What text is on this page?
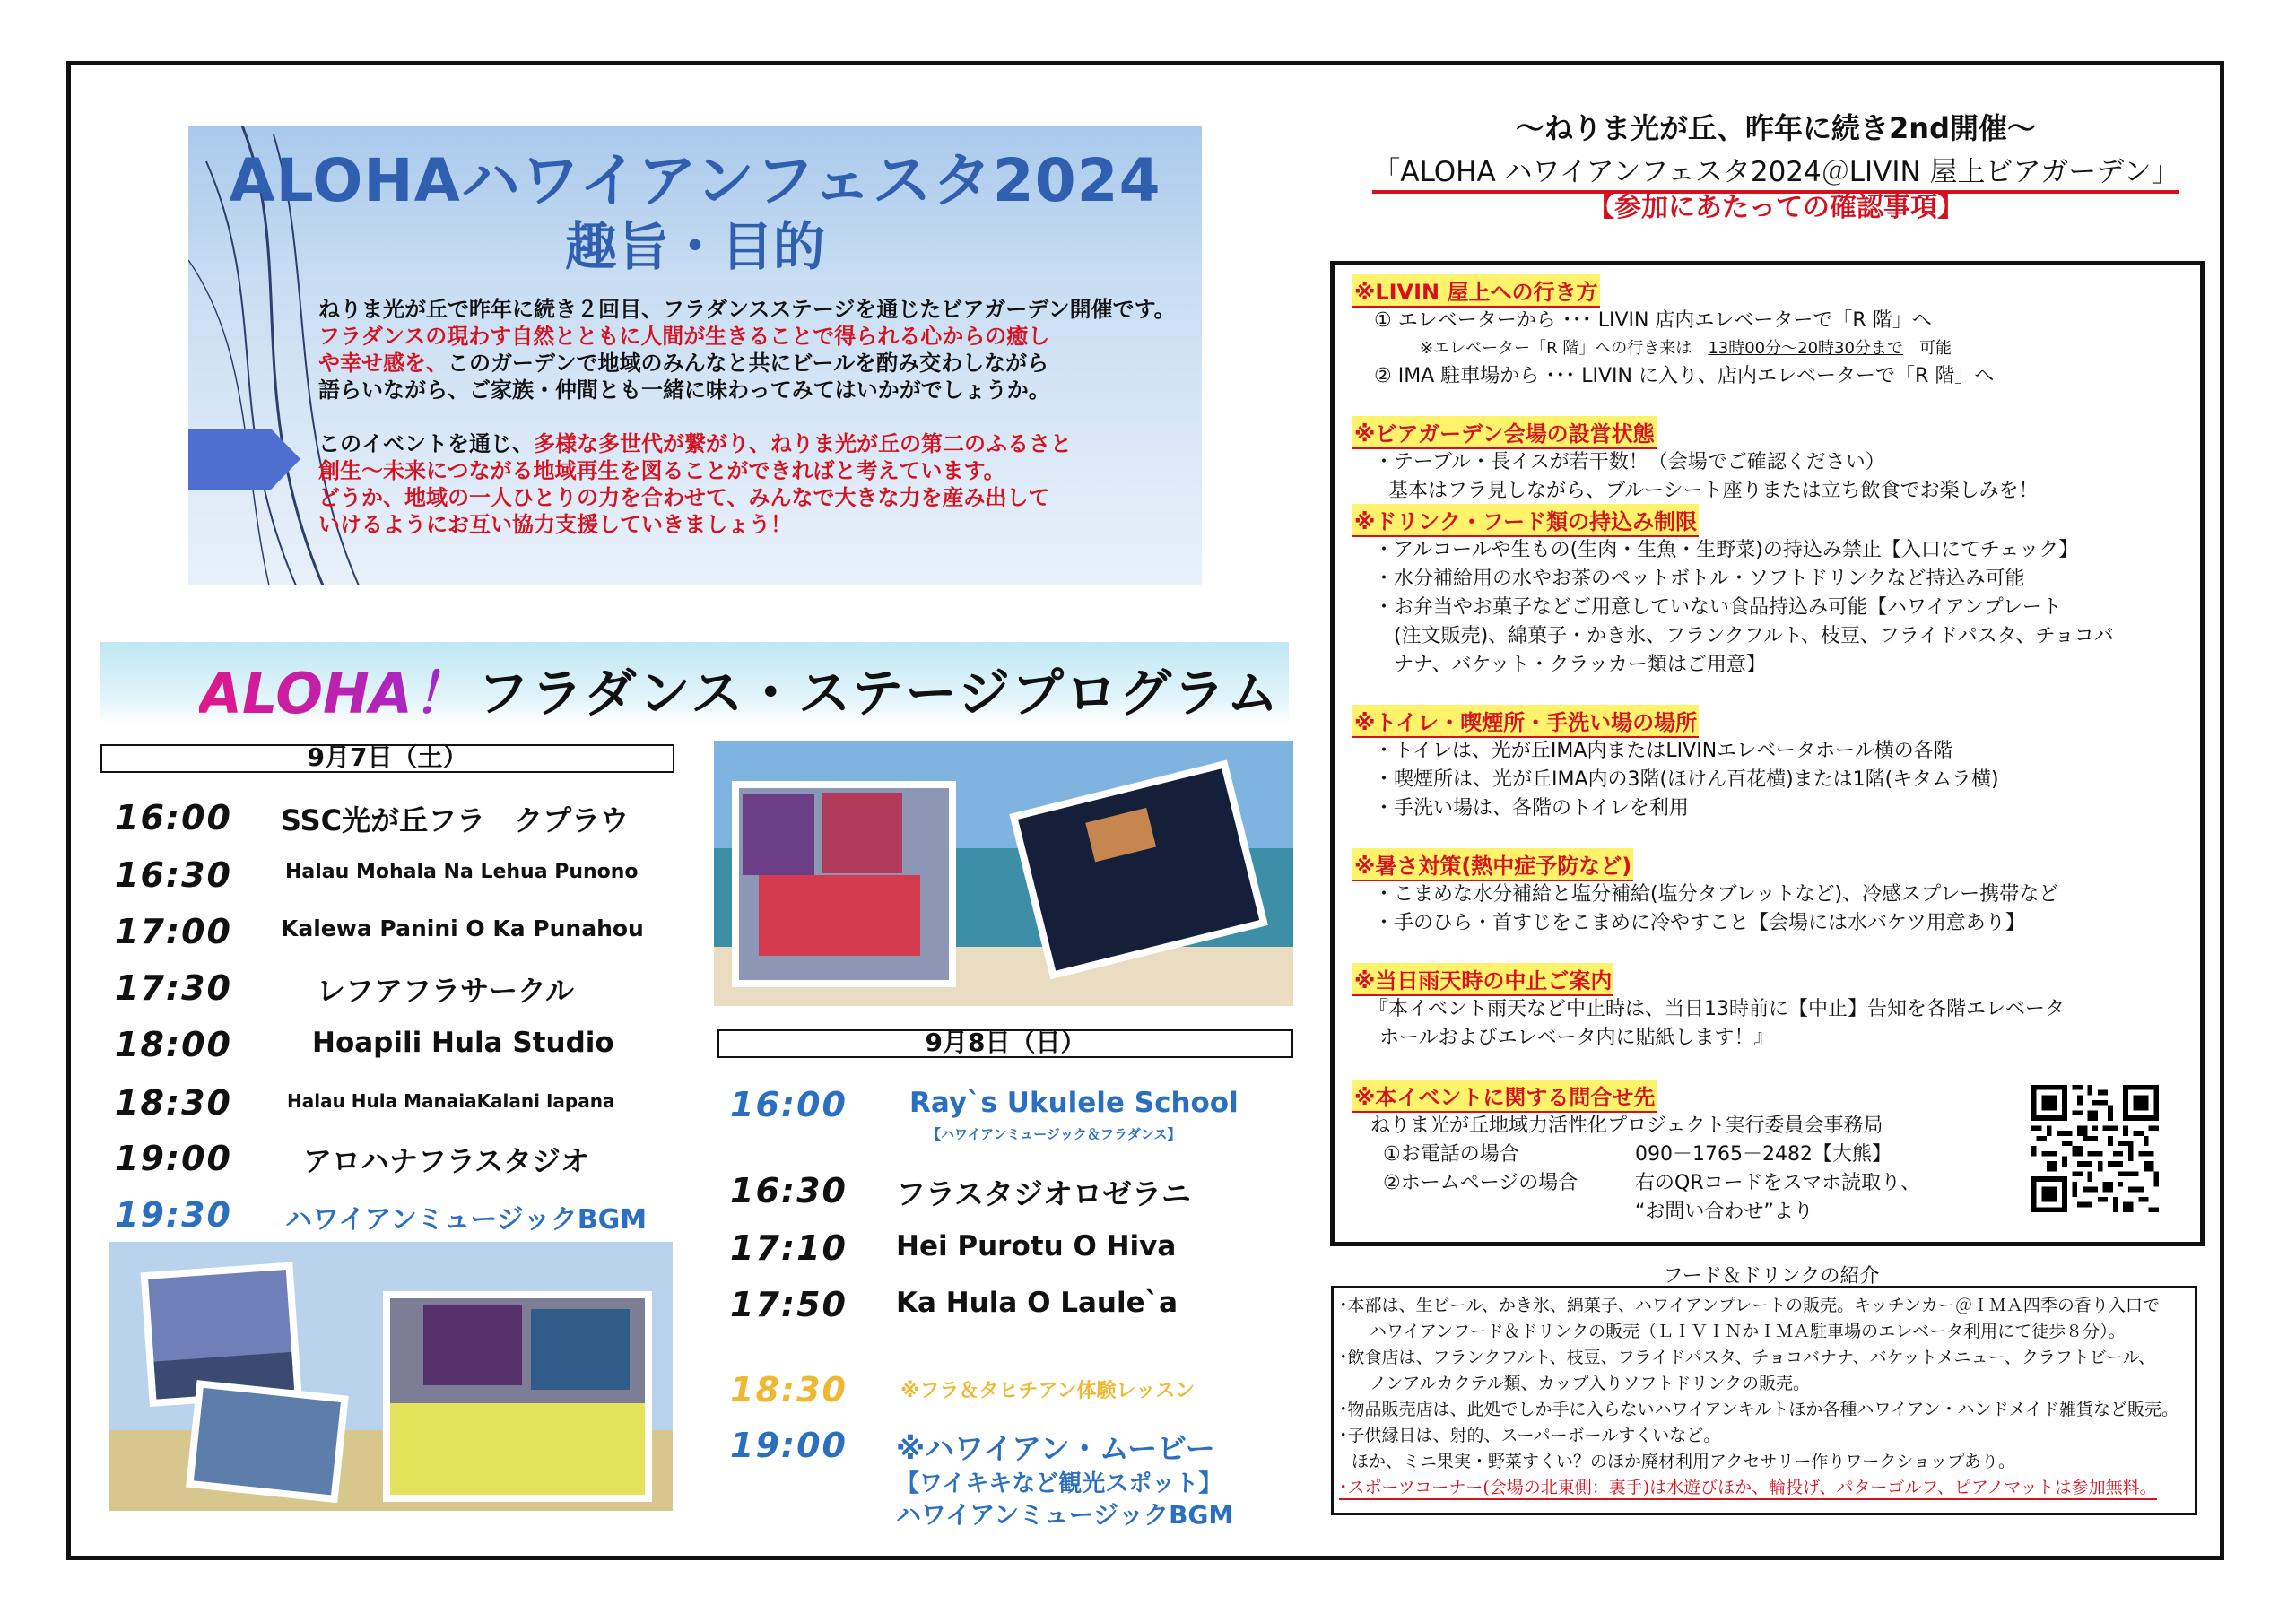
ALOHAハワイアンフェスタ2024
趣旨・目的
ねりま光が丘で昨年に続き２回目、フラダンスステージを通じたビアガーデン開催です。
フラダンスの現わす自然とともに人間が生きることで得られる心からの癒し
や幸せ感を、このガーデンで地域のみんなと共にビールを酌み交わしながら
語らいながら、ご家族・仲間とも一緒に味わってみてはいかがでしょうか。
このイベントを通じ、多様な多世代が繋がり、ねりま光が丘の第二のふるさと
創生～未来につながる地域再生を図ることができればと考えています。
どうか、地域の一人ひとりの力を合わせて、みんなで大きな力を産み出して
いけるようにお互い協力支援していきましょう！
ALOHA！ フラダンス・ステージプログラム
9月7日（土）
16:00 SSC光が丘フラ　クプラウ
16:30	Halau Mohala Na Lehua Punono
17:00 Kalewa Panini O Ka Punahou
17:30	レフアフラサークル
18:00	Hoapili Hula Studio
18:30	Halau Hula ManaiaKalani Iapana
19:00 アロハナフラスタジオ
19:30 ハワイアンミュージックBGM
9月8日（日）
16:00 Ray`s Ukulele School
【ハワイアンミュージック＆フラダンス】
16:30 フラスタジオロゼラニ
17:10 Hei Purotu O Hiva
17:50 Ka Hula O Laule`a
18:30	※フラ＆タヒチアン体験レッスン
19:00 ※ハワイアン・ムービー
【ワイキキなど観光スポット】
ハワイアンミュージックBGM
～ねりま光が丘、昨年に続き2nd開催～
「ALOHA ハワイアンフェスタ2024＠LIVIN 屋上ビアガーデン」
【参加にあたっての確認事項】
※LIVIN 屋上への行き方
① エレベーターから ･･･ LIVIN 店内エレベーターで「R 階」へ
※エレベーター「R 階」への行き来は　 13時00分～20時30分まで　 可能
② IMA 駐車場から ･･･ LIVIN に入り、店内エレベーターで「R 階」へ
※ビアガーデン会場の設営状態
・テーブル・長イスが若干数！（会場でご確認ください）
基本はフラ見しながら、ブルーシート座りまたは立ち飲食でお楽しみを！
※ドリンク・フード類の持込み制限
・アルコールや生もの(生肉・生魚・生野菜)の持込み禁止【入口にてチェック】
・水分補給用の水やお茶のペットボトル・ソフトドリンクなど持込み可能
・お弁当やお菓子などご用意していない食品持込み可能【ハワイアンプレート
(注文販売)、綿菓子・かき氷、フランクフルト、枝豆、フライドパスタ、チョコバ
ナナ、バケット・クラッカー類はご用意】
※トイレ・喫煙所・手洗い場の場所
・トイレは、光が丘IMA内またはLIVINエレベータホール横の各階
・喫煙所は、光が丘IMA内の3階(ほけん百花横)または1階(キタムラ横)
・手洗い場は、各階のトイレを利用
※暑さ対策(熱中症予防など)
・こまめな水分補給と塩分補給(塩分タブレットなど)、冷感スプレー携帯など
・手のひら・首すじをこまめに冷やすこと【会場には水バケツ用意あり】
※当日雨天時の中止ご案内
『本イベント雨天など中止時は、当日13時前に【中止】告知を各階エレベータ
ホールおよびエレベータ内に貼紙します！』
※本イベントに関する問合せ先
ねりま光が丘地域力活性化プロジェクト実行委員会事務局
①お電話の場合	090－1765－2482【大熊】
②ホームページの場合	右のQRコードをスマホ読取り、
“お問い合わせ”より
フード＆ドリンクの紹介
･本部は、生ビール、かき氷、綿菓子、ハワイアンプレートの販売。キッチンカー＠ＩＭＡ四季の香り入口で
ハワイアンフード＆ドリンクの販売（ＬＩＶＩＮかＩＭＡ駐車場のエレベータ利用にて徒歩８分）。
･飲食店は、フランクフルト、枝豆、フライドパスタ、チョコバナナ、バケットメニュー、クラフトビール、
ノンアルカクテル類、カップ入りソフトドリンクの販売。
･物品販売店は、此処でしか手に入らないハワイアンキルトほか各種ハワイアン・ハンドメイド雑貨など販売。
･子供縁日は、射的、スーパーボールすくいなど。
ほか、ミニ果実・野菜すくい？のほか廃材利用アクセサリー作りワークショップあり。
･スポーツコーナー(会場の北東側：裏手)は水遊びほか、輪投げ、パターゴルフ、ピアノマットは参加無料。
